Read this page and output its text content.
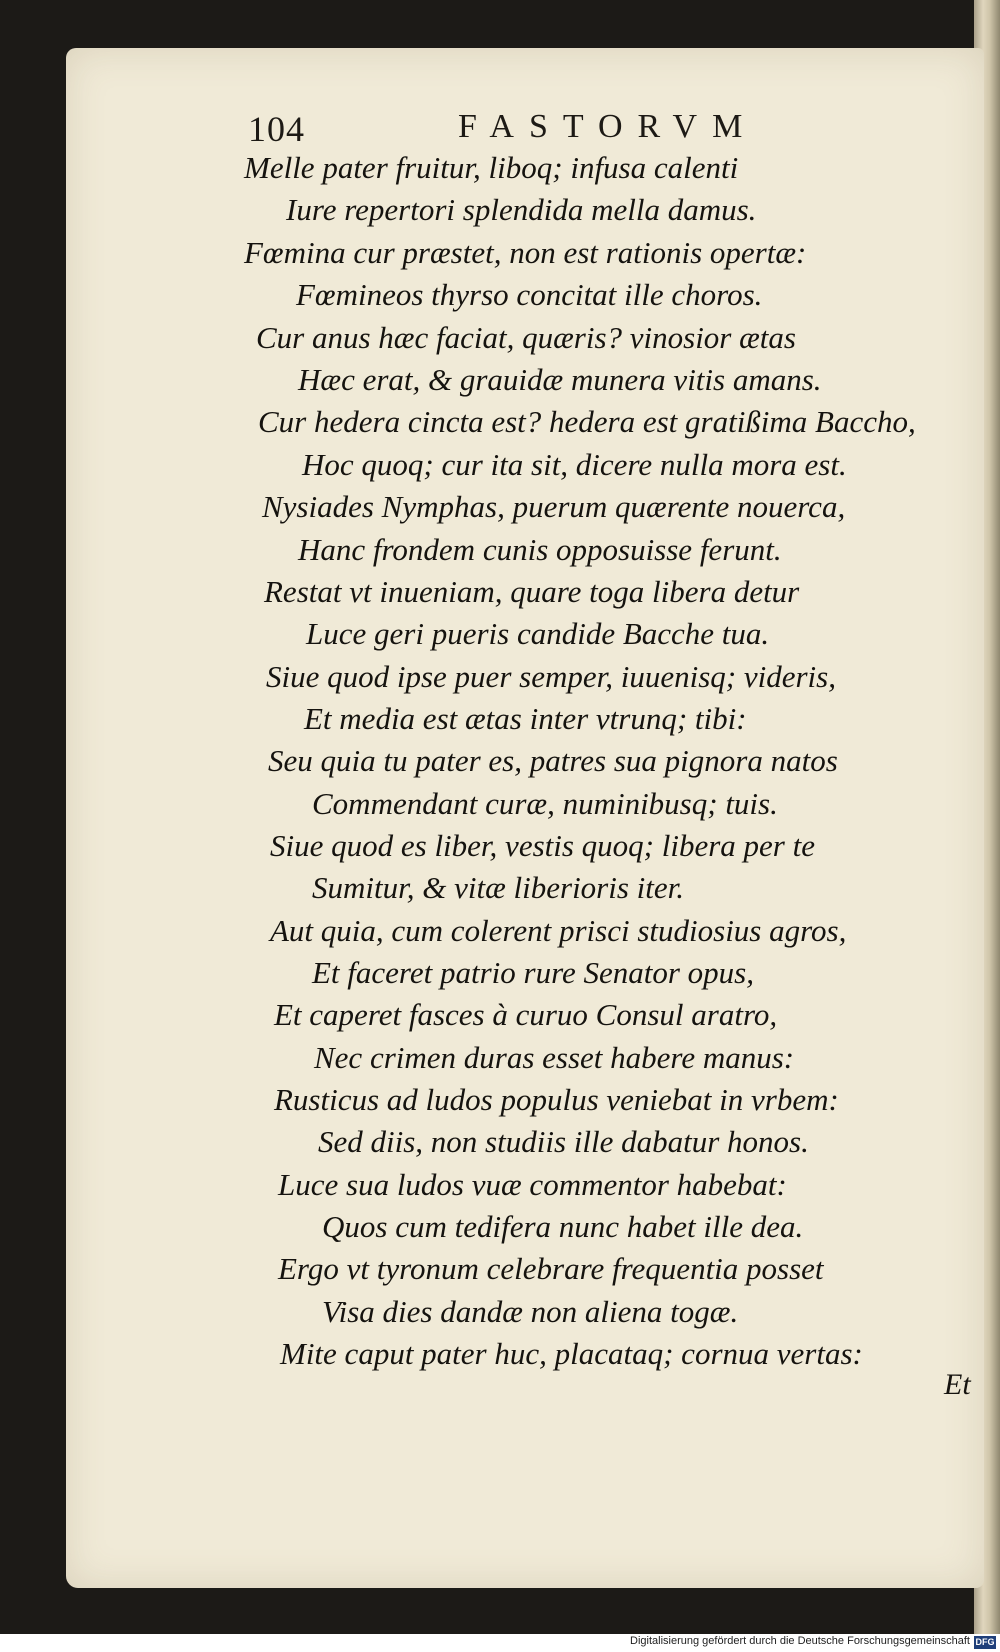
104	FASTORVM
Melle pater fruitur, liboq; infusa calenti
Iure repertori splendida mella damus.
Fœmina cur præstet, non est rationis opertæ:
Fœmineos thyrso concitat ille choros.
Cur anus hæc faciat, quæris? vinosior ætas
Hæc erat, & grauidæ munera vitis amans.
Cur hedera cincta est? hedera est gratißima Baccho,
Hoc quoq; cur ita sit, dicere nulla mora est.
Nysiades Nymphas, puerum quærente nouerca,
Hanc frondem cunis opposuisse ferunt.
Restat vt inueniam, quare toga libera detur
Luce geri pueris candide Bacche tua.
Siue quod ipse puer semper, iuuenisq; videris,
Et media est ætas inter vtrunq; tibi:
Seu quia tu pater es, patres sua pignora natos
Commendant curæ, numinibusq; tuis.
Siue quod es liber, vestis quoq; libera per te
Sumitur, & vitæ liberioris iter.
Aut quia, cum colerent prisci studiosius agros,
Et faceret patrio rure Senator opus,
Et caperet fasces à curuo Consul aratro,
Nec crimen duras esset habere manus:
Rusticus ad ludos populus veniebat in vrbem:
Sed diis, non studiis ille dabatur honos.
Luce sua ludos vuæ commentor habebat:
Quos cum tedifera nunc habet ille dea.
Ergo vt tyronum celebrare frequentia posset
Visa dies dandæ non aliena togæ.
Mite caput pater huc, placataq; cornua vertas:
Et
Digitalisierung gefördert durch die Deutsche Forschungsgemeinschaft DFG
